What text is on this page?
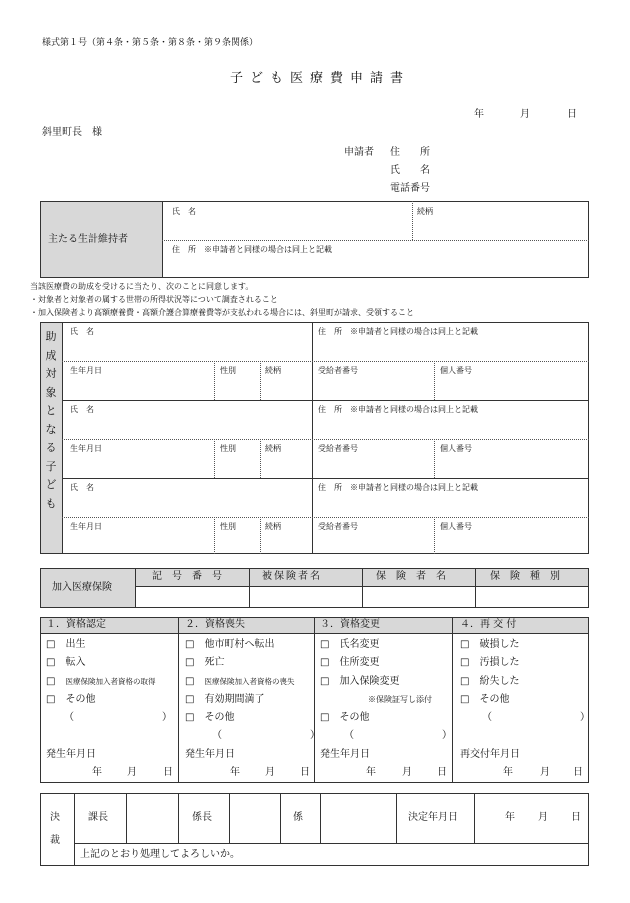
様式第１号（第４条・第５条・第８条・第９条関係）
子ども医療費申請書
年	月	日
斜里町長　様
申請者 住　　所
氏　　名
電話番号
主たる生計維持者
氏　名	続柄
住　所　※申請者と同様の場合は同上と記載
当該医療費の助成を受けるに当たり、次のことに同意します。
・対象者と対象者の属する世帯の所得状況等について調査されること
・加入保険者より高額療養費・高額介護合算療養費等が支払われる場合には、斜里町が請求、受領すること
助
成
対
象
と
な
る
子
ど
も
氏　名	住　所　※申請者と同様の場合は同上と記載
生年月日	性別	続柄	受給者番号	個人番号
氏　名	住　所　※申請者と同様の場合は同上と記載
生年月日	性別	続柄	受給者番号	個人番号
氏　名	住　所　※申請者と同様の場合は同上と記載
生年月日	性別	続柄	受給者番号	個人番号
加入医療保険
記　号　番　号	被保険者名	保　険　者　名	保　険　種　別
１．資格認定
□　 出生
□　 転入
□　 医療保険加入者資格の取得
□　 その他
（　　　　　　）
発生年月日
年	月	日
２．資格喪失
□　 他市町村へ転出
□　 死亡
□　 医療保険加入者資格の喪失
□　 有効期間満了
□　 その他
（　　　　　　）
発生年月日
年	月	日
３．資格変更
□　 氏名変更
□　 住所変更
□　 加入保険変更
※保険証写し添付
□　 その他
（　　　　　　）
発生年月日
年	月	日
４．再 交 付
□　 破損した
□　 汚損した
□　 紛失した
□　 その他
（　　　　　　）
再交付年月日
年	月 日
決
裁
課長	係長	係	決定年月日	年 月 日
上記のとおり処理してよろしいか。
